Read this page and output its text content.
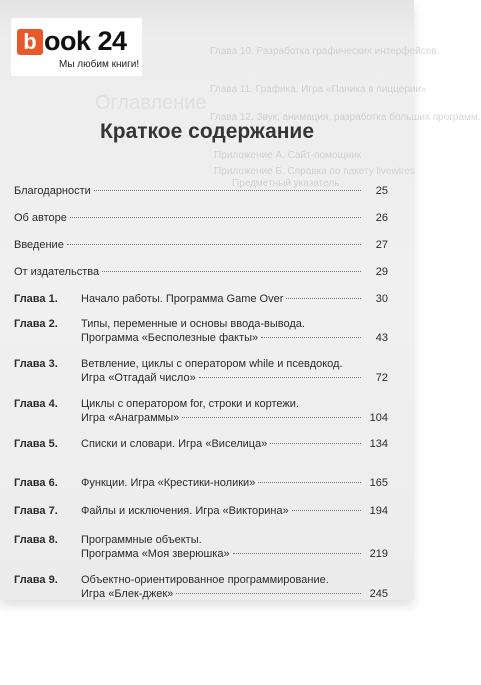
Глава 10. Разработка графических интерфейсов.
Глава 11. Графика. Игра «Паника в пиццерии»
Глава 12. Звук, анимация, разработка больших программ.
Оглавление
Приложение А. Сайт-помощник
Приложение Б. Справка по пакету livewires
Предметный указатель
b ook 24
Мы любим книги!
Краткое содержание
Благодарности	25
Об авторе	26
Введение	27
От издательства	29
Глава 1.	Начало работы. Программа Game Over	30
Глава 2.	Типы, переменные и основы ввода-вывода.
Программа «Бесполезные факты»	43
Глава 3.	Ветвление, циклы с оператором while и псевдокод.
Игра «Отгадай число»	72
Глава 4.	Циклы с оператором for, строки и кортежи.
Игра «Анаграммы»	104
Глава 5.	Списки и словари. Игра «Виселица»	134
Глава 6.	Функции. Игра «Крестики-нолики»	165
Глава 7.	Файлы и исключения. Игра «Викторина»	194
Глава 8.	Программные объекты.
Программа «Моя зверюшка»	219
Глава 9.	Объектно-ориентированное программирование.
Игра «Блек-джек»	245
